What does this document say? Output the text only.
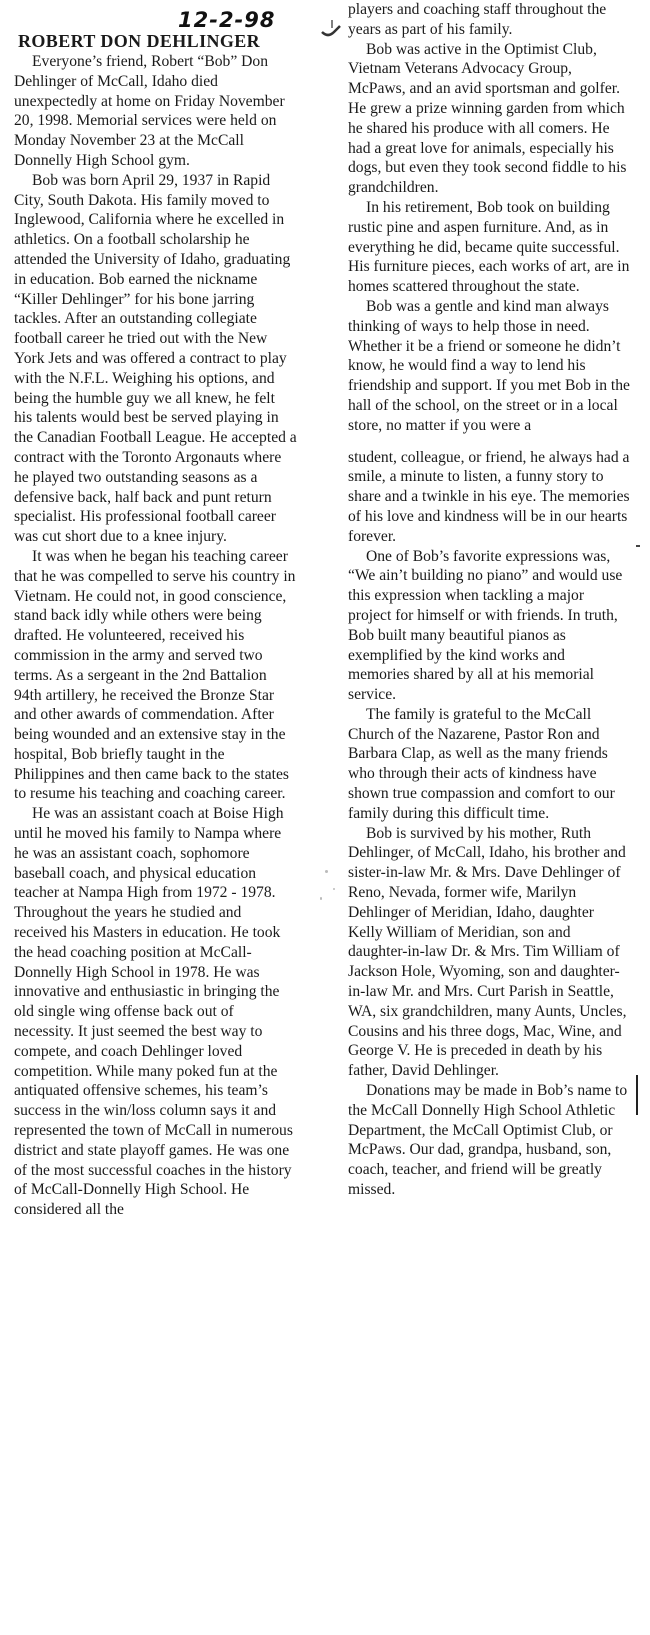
12-2-98
ROBERT DON DEHLINGER

Everyone’s friend, Robert “Bob” Don Dehlinger of McCall, Idaho died unexpectedly at home on Friday November 20, 1998. Memorial services were held on Monday November 23 at the McCall Donnelly High School gym.

Bob was born April 29, 1937 in Rapid City, South Dakota. His family moved to Inglewood, California where he excelled in athletics. On a football scholarship he attended the University of Idaho, graduating in education. Bob earned the nickname “Killer Dehlinger” for his bone jarring tackles. After an outstanding collegiate football career he tried out with the New York Jets and was offered a contract to play with the N.F.L. Weighing his options, and being the humble guy we all knew, he felt his talents would best be served playing in the Canadian Football League. He accepted a contract with the Toronto Argonauts where he played two outstanding seasons as a defensive back, half back and punt return specialist. His professional football career was cut short due to a knee injury.

It was when he began his teaching career that he was compelled to serve his country in Vietnam. He could not, in good conscience, stand back idly while others were being drafted. He volunteered, received his commission in the army and served two terms. As a sergeant in the 2nd Battalion 94th artillery, he received the Bronze Star and other awards of commendation. After being wounded and an extensive stay in the hospital, Bob briefly taught in the Philippines and then came back to the states to resume his teaching and coaching career.

He was an assistant coach at Boise High until he moved his family to Nampa where he was an assistant coach, sophomore baseball coach, and physical education teacher at Nampa High from 1972 - 1978. Throughout the years he studied and received his Masters in education. He took the head coaching position at McCall-Donnelly High School in 1978. He was innovative and enthusiastic in bringing the old single wing offense back out of necessity. It just seemed the best way to compete, and coach Dehlinger loved competition. While many poked fun at the antiquated offensive schemes, his team’s success in the win/loss column says it and represented the town of McCall in numerous district and state playoff games. He was one of the most successful coaches in the history of McCall-Donnelly High School. He considered all the

players and coaching staff throughout the years as part of his family.

Bob was active in the Optimist Club, Vietnam Veterans Advocacy Group, McPaws, and an avid sportsman and golfer. He grew a prize winning garden from which he shared his produce with all comers. He had a great love for animals, especially his dogs, but even they took second fiddle to his grandchildren.

In his retirement, Bob took on building rustic pine and aspen furniture. And, as in everything he did, became quite successful. His furniture pieces, each works of art, are in homes scattered throughout the state.

Bob was a gentle and kind man always thinking of ways to help those in need. Whether it be a friend or someone he didn’t know, he would find a way to lend his friendship and support. If you met Bob in the hall of the school, on the street or in a local store, no matter if you were a

student, colleague, or friend, he always had a smile, a minute to listen, a funny story to share and a twinkle in his eye. The memories of his love and kindness will be in our hearts forever.

One of Bob’s favorite expressions was, “We ain’t building no piano” and would use this expression when tackling a major project for himself or with friends. In truth, Bob built many beautiful pianos as exemplified by the kind works and memories shared by all at his memorial service.

The family is grateful to the McCall Church of the Nazarene, Pastor Ron and Barbara Clap, as well as the many friends who through their acts of kindness have shown true compassion and comfort to our family during this difficult time.

Bob is survived by his mother, Ruth Dehlinger, of McCall, Idaho, his brother and sister-in-law Mr. & Mrs. Dave Dehlinger of Reno, Nevada, former wife, Marilyn Dehlinger of Meridian, Idaho, daughter Kelly William of Meridian, son and daughter-in-law Dr. & Mrs. Tim William of Jackson Hole, Wyoming, son and daughter-in-law Mr. and Mrs. Curt Parish in Seattle, WA, six grandchildren, many Aunts, Uncles, Cousins and his three dogs, Mac, Wine, and George V. He is preceded in death by his father, David Dehlinger.

Donations may be made in Bob’s name to the McCall Donnelly High School Athletic Department, the McCall Optimist Club, or McPaws. Our dad, grandpa, husband, son, coach, teacher, and friend will be greatly missed.
